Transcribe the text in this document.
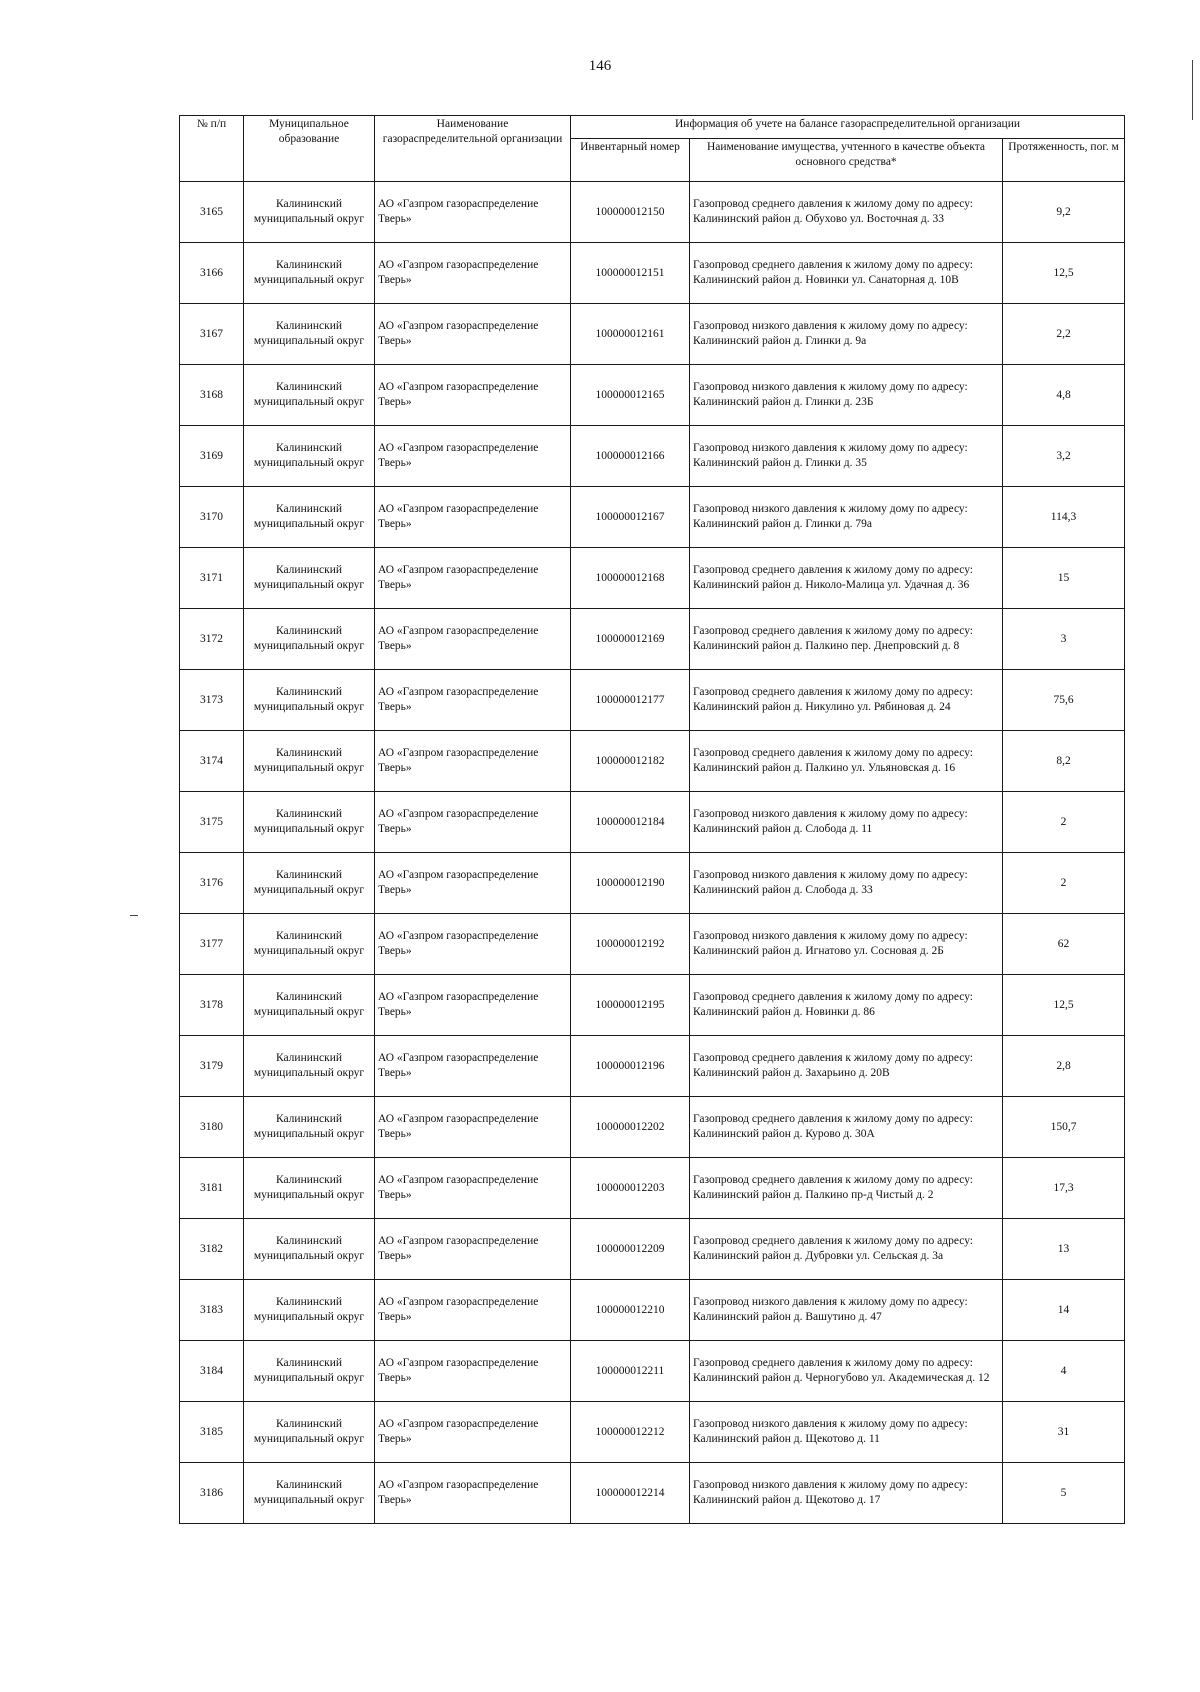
146
№ п/п	Муниципальное образование	Наименование газораспределительной организации	Информация об учете на балансе газораспределительной организации		
			Инвентарный номер	Наименование имущества, учтенного в качестве объекта основного средства*	Протяженность, пог. м
3165	Калининский муниципальный округ	АО «Газпром газораспределение Тверь»	100000012150	Газопровод среднего давления к жилому дому по адресу: Калининский район д. Обухово ул. Восточная д. 33	9,2
3166	Калининский муниципальный округ	АО «Газпром газораспределение Тверь»	100000012151	Газопровод среднего давления к жилому дому по адресу: Калининский район д. Новинки ул. Санаторная д. 10В	12,5
3167	Калининский муниципальный округ	АО «Газпром газораспределение Тверь»	100000012161	Газопровод низкого давления к жилому дому по адресу: Калининский район д. Глинки д. 9а	2,2
3168	Калининский муниципальный округ	АО «Газпром газораспределение Тверь»	100000012165	Газопровод низкого давления к жилому дому по адресу: Калининский район д. Глинки д. 23Б	4,8
3169	Калининский муниципальный округ	АО «Газпром газораспределение Тверь»	100000012166	Газопровод низкого давления к жилому дому по адресу: Калининский район д. Глинки д. 35	3,2
3170	Калининский муниципальный округ	АО «Газпром газораспределение Тверь»	100000012167	Газопровод низкого давления к жилому дому по адресу: Калининский район д. Глинки д. 79а	114,3
3171	Калининский муниципальный округ	АО «Газпром газораспределение Тверь»	100000012168	Газопровод среднего давления к жилому дому по адресу: Калининский район д. Николо-Малица ул. Удачная д. 36	15
3172	Калининский муниципальный округ	АО «Газпром газораспределение Тверь»	100000012169	Газопровод среднего давления к жилому дому по адресу: Калининский район д. Палкино пер. Днепровский д. 8	3
3173	Калининский муниципальный округ	АО «Газпром газораспределение Тверь»	100000012177	Газопровод среднего давления к жилому дому по адресу: Калининский район д. Никулино ул. Рябиновая д. 24	75,6
3174	Калининский муниципальный округ	АО «Газпром газораспределение Тверь»	100000012182	Газопровод среднего давления к жилому дому по адресу: Калининский район д. Палкино ул. Ульяновская д. 16	8,2
3175	Калининский муниципальный округ	АО «Газпром газораспределение Тверь»	100000012184	Газопровод низкого давления к жилому дому по адресу: Калининский район д. Слобода д. 11	2
3176	Калининский муниципальный округ	АО «Газпром газораспределение Тверь»	100000012190	Газопровод низкого давления к жилому дому по адресу: Калининский район д. Слобода д. 33	2
3177	Калининский муниципальный округ	АО «Газпром газораспределение Тверь»	100000012192	Газопровод низкого давления к жилому дому по адресу: Калининский район д. Игнатово ул. Сосновая д. 2Б	62
3178	Калининский муниципальный округ	АО «Газпром газораспределение Тверь»	100000012195	Газопровод среднего давления к жилому дому по адресу: Калининский район д. Новинки д. 86	12,5
3179	Калининский муниципальный округ	АО «Газпром газораспределение Тверь»	100000012196	Газопровод среднего давления к жилому дому по адресу: Калининский район д. Захарьино д. 20В	2,8
3180	Калининский муниципальный округ	АО «Газпром газораспределение Тверь»	100000012202	Газопровод среднего давления к жилому дому по адресу: Калининский район д. Курово д. 30А	150,7
3181	Калининский муниципальный округ	АО «Газпром газораспределение Тверь»	100000012203	Газопровод среднего давления к жилому дому по адресу: Калининский район д. Палкино пр-д Чистый д. 2	17,3
3182	Калининский муниципальный округ	АО «Газпром газораспределение Тверь»	100000012209	Газопровод среднего давления к жилому дому по адресу: Калининский район д. Дубровки ул. Сельская д. 3а	13
3183	Калининский муниципальный округ	АО «Газпром газораспределение Тверь»	100000012210	Газопровод низкого давления к жилому дому по адресу: Калининский район д. Вашутино д. 47	14
3184	Калининский муниципальный округ	АО «Газпром газораспределение Тверь»	100000012211	Газопровод среднего давления к жилому дому по адресу: Калининский район д. Черногубово ул. Академическая д. 12	4
3185	Калининский муниципальный округ	АО «Газпром газораспределение Тверь»	100000012212	Газопровод низкого давления к жилому дому по адресу: Калининский район д. Щекотово д. 11	31
3186	Калининский муниципальный округ	АО «Газпром газораспределение Тверь»	100000012214	Газопровод низкого давления к жилому дому по адресу: Калининский район д. Щекотово д. 17	5
